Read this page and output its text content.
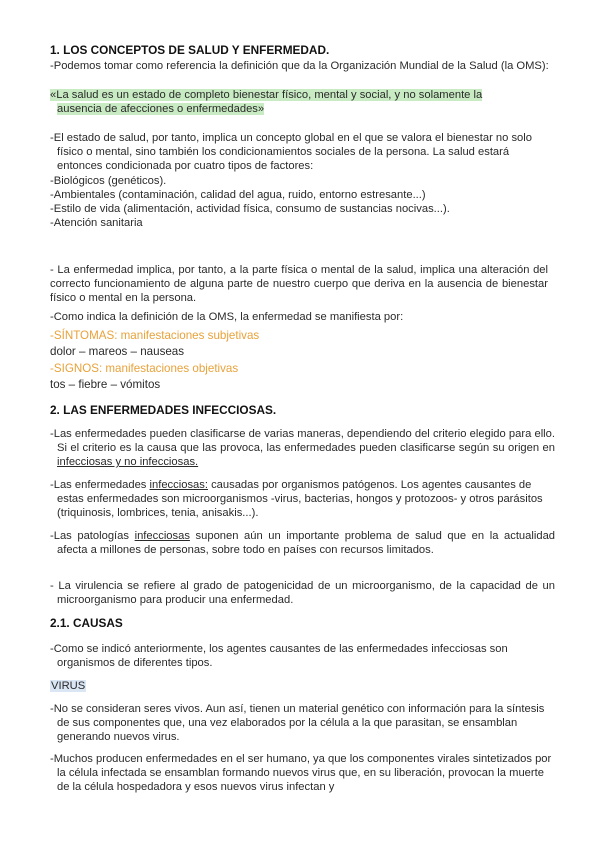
1. LOS CONCEPTOS DE SALUD Y ENFERMEDAD.

-Podemos tomar como referencia la definición que da la Organización Mundial de la Salud (la OMS):

«La salud es un estado de completo bienestar físico, mental y social, y no solamente la
ausencia de afecciones o enfermedades»

-El estado de salud, por tanto, implica un concepto global en el que se valora el bienestar no solo físico o mental, sino también los condicionamientos sociales de la persona. La salud estará entonces condicionada por cuatro tipos de factores:

-Biológicos (genéticos).

-Ambientales (contaminación, calidad del agua, ruido, entorno estresante...)

-Estilo de vida (alimentación, actividad física, consumo de sustancias nocivas...).

-Atención sanitaria

- La enfermedad implica, por tanto, a la parte física o mental de la salud, implica una alteración del correcto funcionamiento de alguna parte de nuestro cuerpo que deriva en la ausencia de bienestar físico o mental en la persona.

-Como indica la definición de la OMS, la enfermedad se manifiesta por:

-SÍNTOMAS: manifestaciones subjetivas

dolor – mareos – nauseas

-SIGNOS: manifestaciones objetivas

tos – fiebre – vómitos

2. LAS ENFERMEDADES INFECCIOSAS.

-Las enfermedades pueden clasificarse de varias maneras, dependiendo del criterio elegido para ello. Si el criterio es la causa que las provoca, las enfermedades pueden clasificarse según su origen en infecciosas y no infecciosas.

-Las enfermedades infecciosas: causadas por organismos patógenos. Los agentes causantes de estas enfermedades son microorganismos -virus, bacterias, hongos y protozoos- y otros parásitos (triquinosis, lombrices, tenia, anisakis...).

-Las patologías infecciosas suponen aún un importante problema de salud que en la actualidad afecta a millones de personas, sobre todo en países con recursos limitados.

- La virulencia se refiere al grado de patogenicidad de un microorganismo, de la capacidad de un microorganismo para producir una enfermedad.

2.1. CAUSAS

-Como se indicó anteriormente, los agentes causantes de las enfermedades infecciosas son organismos de diferentes tipos.

VIRUS

-No se consideran seres vivos. Aun así, tienen un material genético con información para la síntesis de sus componentes que, una vez elaborados por la célula a la que parasitan, se ensamblan generando nuevos virus.

-Muchos producen enfermedades en el ser humano, ya que los componentes virales sintetizados por la célula infectada se ensamblan formando nuevos virus que, en su liberación, provocan la muerte de la célula hospedadora y esos nuevos virus infectan y
